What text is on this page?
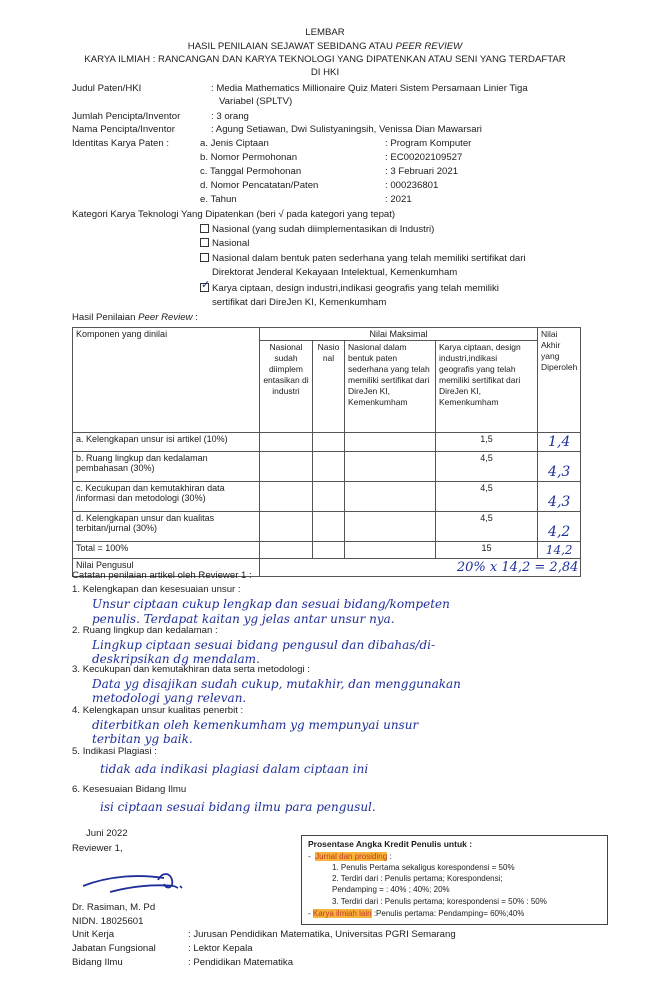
LEMBAR
HASIL PENILAIAN SEJAWAT SEBIDANG ATAU PEER REVIEW
KARYA ILMIAH : RANCANGAN DAN KARYA TEKNOLOGI YANG DIPATENKAN ATAU SENI YANG TERDAFTAR
DI HKI
Judul Paten/HKI	: Media Mathematics Millionaire Quiz Materi Sistem Persamaan Linier Tiga
Variabel (SPLTV)
Jumlah Pencipta/Inventor	: 3 orang
Nama Pencipta/Inventor	: Agung Setiawan, Dwi Sulistyaningsih, Venissa Dian Mawarsari
Identitas Karya Paten :	a. Jenis Ciptaan	: Program Komputer
b. Nomor Permohonan	: EC00202109527
c. Tanggal Permohonan	: 3 Februari 2021
d. Nomor Pencatatan/Paten	: 000236801
e. Tahun	: 2021
Kategori Karya Teknologi Yang Dipatenkan (beri √ pada kategori yang tepat)
Nasional (yang sudah diimplementasikan di Industri)
Nasional
Nasional dalam bentuk paten sederhana yang telah memiliki sertifikat dari
Direktorat Jenderal Kekayaan Intelektual, Kemenkumham
✓ Karya ciptaan, design industri,indikasi geografis yang telah memiliki
sertifikat dari DireJen KI, Kemenkumham
Hasil Penilaian Peer Review :
Komponen yang dinilai	Nilai Maksimal				Nilai Akhir yang Diperoleh
	Nasional sudah diimplem entasikan di industri	Nasio nal	Nasional dalam bentuk paten sederhana yang telah memiliki sertifikat dari DireJen KI, Kemenkumham	Karya ciptaan, design industri,indikasi geografis yang telah memiliki sertifikat dari DireJen KI, Kemenkumham	
a. Kelengkapan unsur isi artikel (10%)				1,5	1,4
b. Ruang lingkup dan kedalaman pembahasan (30%)				4,5	4,3
c. Kecukupan dan kemutakhiran data /informasi dan metodologi (30%)				4,5	4,3
d. Kelengkapan unsur dan kualitas terbitan/jurnal (30%)				4,5	4,2
Total = 100%				15	14,2
Nilai Pengusul	20% x 14,2 = 2,84				
Catatan penilaian artikel oleh Reviewer 1 :
1. Kelengkapan dan kesesuaian unsur :
Unsur ciptaan cukup lengkap dan sesuai bidang/kompeten
penulis. Terdapat kaitan yg jelas antar unsur nya.
2. Ruang lingkup dan kedalaman :
Lingkup ciptaan sesuai bidang pengusul dan dibahas/di-
deskripsikan dg mendalam.
3. Kecukupan dan kemutakhiran data serta metodologi :
Data yg disajikan sudah cukup, mutakhir, dan menggunakan
metodologi yang relevan.
4. Kelengkapan unsur kualitas penerbit :
diterbitkan oleh kemenkumham yg mempunyai unsur
terbitan yg baik.
5. Indikasi Plagiasi :
tidak ada indikasi plagiasi dalam ciptaan ini
6. Kesesuaian Bidang Ilmu
isi ciptaan sesuai bidang ilmu para pengusul.
Juni 2022
Reviewer 1,
Dr. Rasiman, M. Pd
NIDN. 18025601
Unit Kerja	: Jurusan Pendidikan Matematika, Universitas PGRI Semarang
Jabatan Fungsional	: Lektor Kepala
Bidang Ilmu	: Pendidikan Matematika
Prosentase Angka Kredit Penulis untuk :
-  Jurnal dan prosiding :
1. Penulis Pertama sekaligus korespondensi = 50%
2. Terdiri dari : Penulis pertama; Korespondensi;
Pendamping = : 40% ; 40%; 20%
3. Terdiri dari : Penulis pertama; korespondensi = 50% : 50%
- Karya ilmiah lain :Penulis pertama: Pendamping= 60%;40%
